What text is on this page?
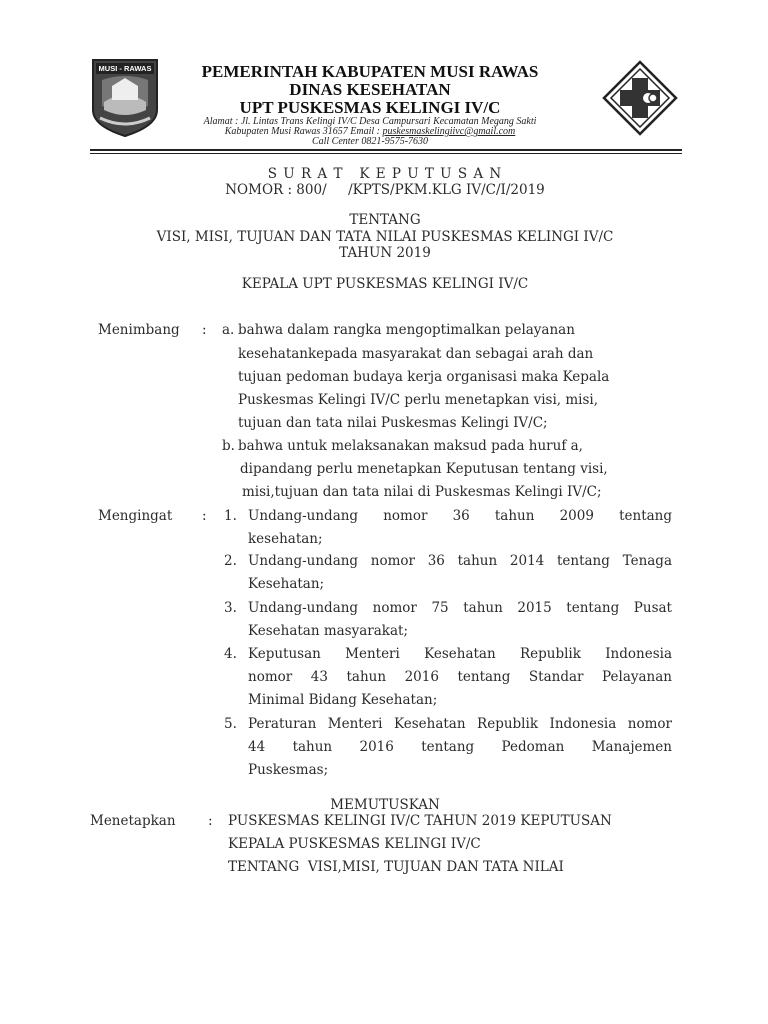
MUSI - RAWAS	PEMERINTAH KABUPATEN MUSI RAWAS
DINAS KESEHATAN
UPT PUSKESMAS KELINGI IV/C
Alamat : Jl. Lintas Trans Kelingi IV/C Desa Campursari Kecamatan Megang Sakti
Kabupaten Musi Rawas 31657 Email : puskesmaskelingiivc@gmail.com
Call Center 0821-9575-7630
S U R A T   K E P U T U S A N
NOMOR : 800/     /KPTS/PKM.KLG IV/C/I/2019
TENTANG
VISI, MISI, TUJUAN DAN TATA NILAI PUSKESMAS KELINGI IV/C
TAHUN 2019
KEPALA UPT PUSKESMAS KELINGI IV/C
Menimbang : a. bahwa dalam rangka mengoptimalkan pelayanan
kesehatankepada masyarakat dan sebagai arah dan
tujuan pedoman budaya kerja organisasi maka Kepala
Puskesmas Kelingi IV/C perlu menetapkan visi, misi,
tujuan dan tata nilai Puskesmas Kelingi IV/C;
b. bahwa untuk melaksanakan maksud pada huruf a,
dipandang perlu menetapkan Keputusan tentang visi,
misi,tujuan dan tata nilai di Puskesmas Kelingi IV/C;
Mengingat : 1. Undang-undang nomor 36 tahun 2009 tentang
kesehatan;
2. Undang-undang nomor 36 tahun 2014 tentang Tenaga
Kesehatan;
3. Undang-undang nomor 75 tahun 2015 tentang Pusat
Kesehatan masyarakat;
4. Keputusan Menteri Kesehatan Republik Indonesia
nomor 43 tahun 2016 tentang Standar Pelayanan
Minimal Bidang Kesehatan;
5. Peraturan Menteri Kesehatan Republik Indonesia nomor
44 tahun 2016 tentang Pedoman Manajemen
Puskesmas;
MEMUTUSKAN
Menetapkan : PUSKESMAS KELINGI IV/C TAHUN 2019 KEPUTUSAN
KEPALA PUSKESMAS KELINGI IV/C
TENTANG  VISI,MISI, TUJUAN DAN TATA NILAI
